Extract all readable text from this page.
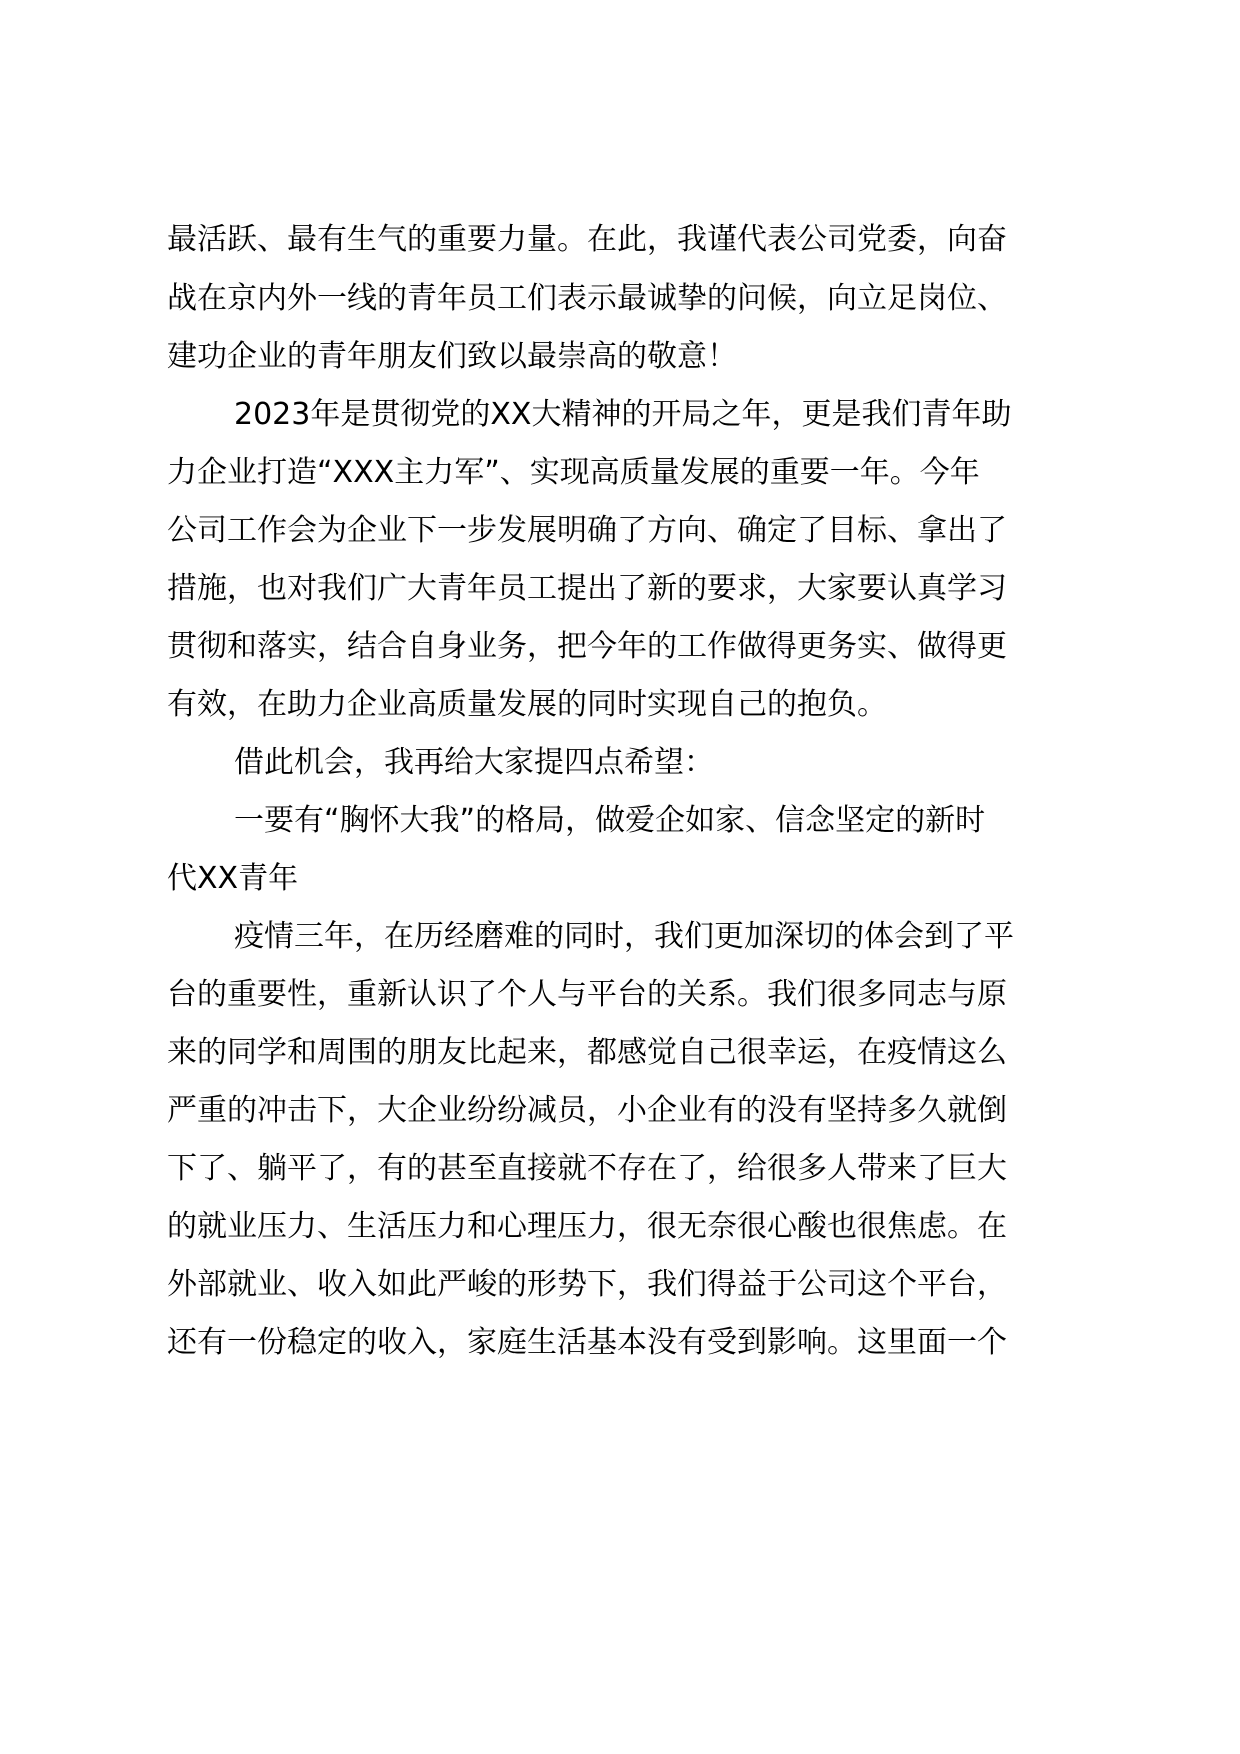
最活跃、最有生气的重要力量。在此，我谨代表公司党委，向奋
战在京内外一线的青年员工们表示最诚挚的问候，向立足岗位、
建功企业的青年朋友们致以最崇高的敬意！
2023年是贯彻党的XX大精神的开局之年，更是我们青年助
力企业打造“XXX主力军”、实现高质量发展的重要一年。今年
公司工作会为企业下一步发展明确了方向、确定了目标、拿出了
措施，也对我们广大青年员工提出了新的要求，大家要认真学习
贯彻和落实，结合自身业务，把今年的工作做得更务实、做得更
有效，在助力企业高质量发展的同时实现自己的抱负。
借此机会，我再给大家提四点希望：
一要有“胸怀大我”的格局，做爱企如家、信念坚定的新时
代XX青年
疫情三年，在历经磨难的同时，我们更加深切的体会到了平
台的重要性，重新认识了个人与平台的关系。我们很多同志与原
来的同学和周围的朋友比起来，都感觉自己很幸运，在疫情这么
严重的冲击下，大企业纷纷减员，小企业有的没有坚持多久就倒
下了、躺平了，有的甚至直接就不存在了，给很多人带来了巨大
的就业压力、生活压力和心理压力，很无奈很心酸也很焦虑。在
外部就业、收入如此严峻的形势下，我们得益于公司这个平台，
还有一份稳定的收入，家庭生活基本没有受到影响。这里面一个
